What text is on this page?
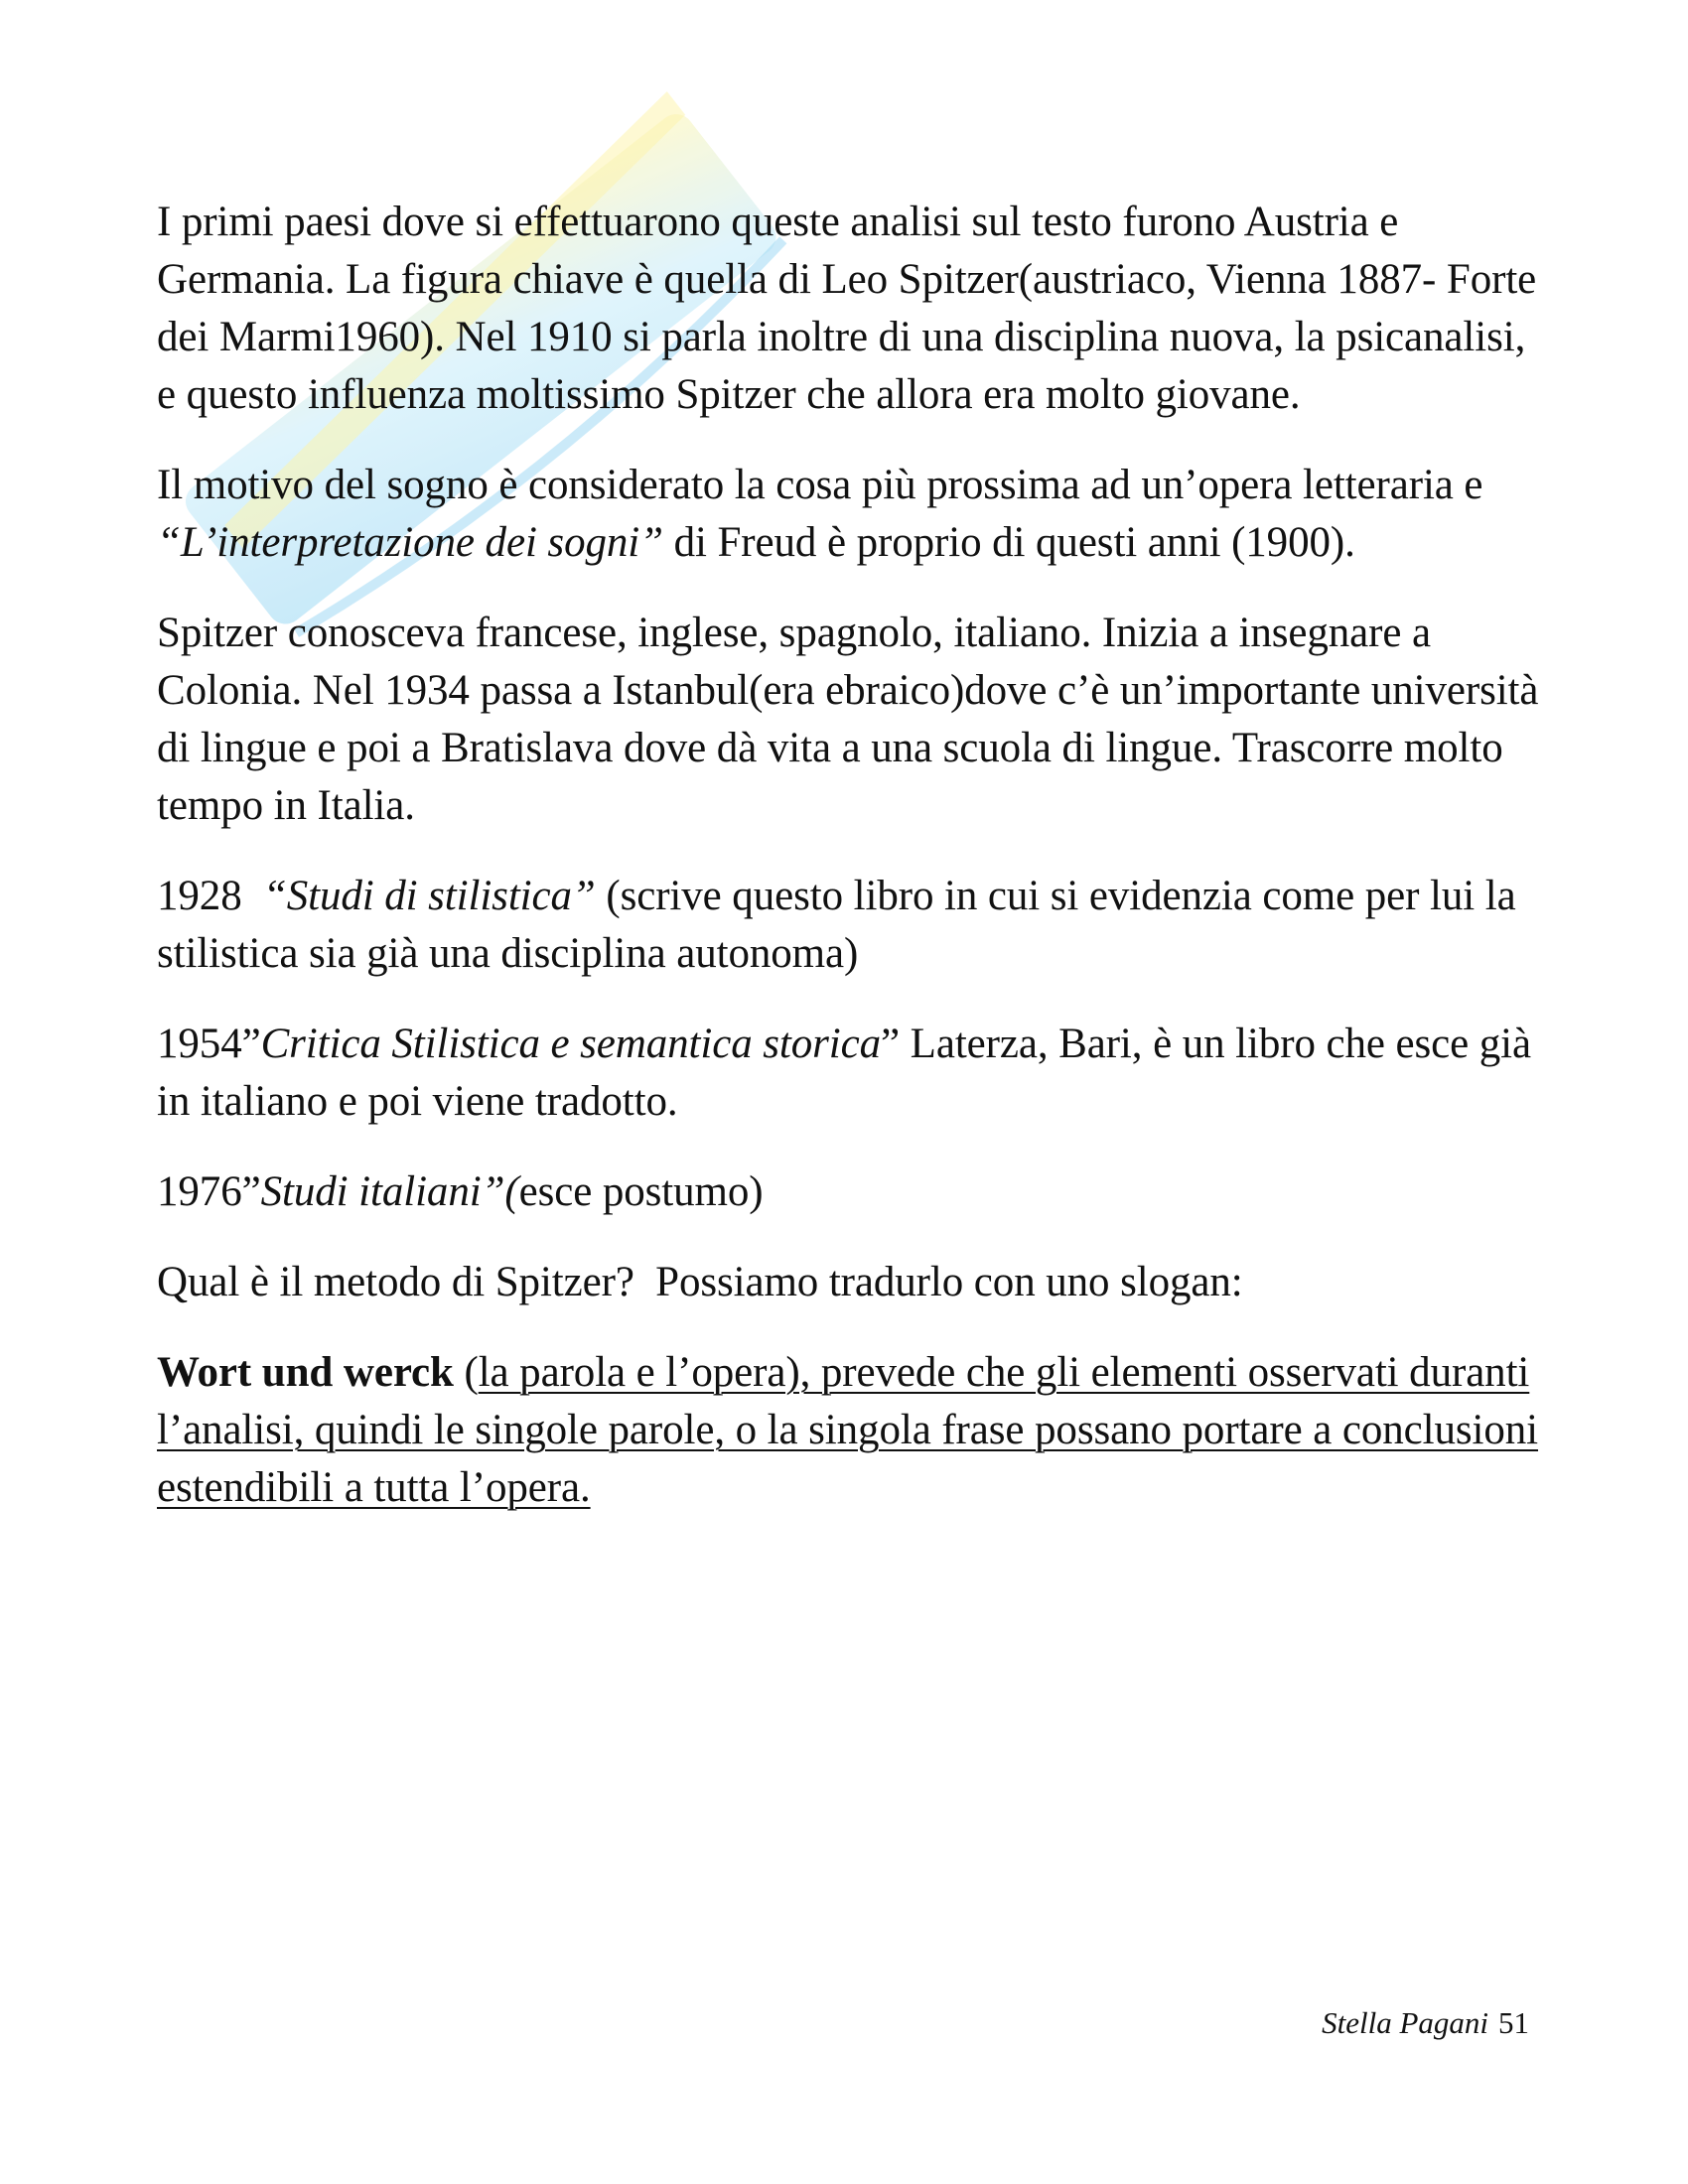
I primi paesi dove si effettuarono queste analisi sul testo furono Austria e Germania. La figura chiave è quella di Leo Spitzer(austriaco, Vienna 1887- Forte dei Marmi1960). Nel 1910 si parla inoltre di una disciplina nuova, la psicanalisi, e questo influenza moltissimo Spitzer che allora era molto giovane.

Il motivo del sogno è considerato la cosa più prossima ad un’opera letteraria e “L’interpretazione dei sogni” di Freud è proprio di questi anni (1900).

Spitzer conosceva francese, inglese, spagnolo, italiano. Inizia a insegnare a Colonia. Nel 1934 passa a Istanbul(era ebraico)dove c’è un’importante università di lingue e poi a Bratislava dove dà vita a una scuola di lingue. Trascorre molto tempo in Italia.

1928  “Studi di stilistica” (scrive questo libro in cui si evidenzia come per lui la stilistica sia già una disciplina autonoma)

1954”Critica Stilistica e semantica storica” Laterza, Bari, è un libro che esce già in italiano e poi viene tradotto.

1976”Studi italiani”(esce postumo)

Qual è il metodo di Spitzer?  Possiamo tradurlo con uno slogan:

Wort und werck (la parola e l’opera), prevede che gli elementi osservati duranti l’analisi, quindi le singole parole, o la singola frase possano portare a conclusioni estendibili a tutta l’opera.

Stella Pagani 51
